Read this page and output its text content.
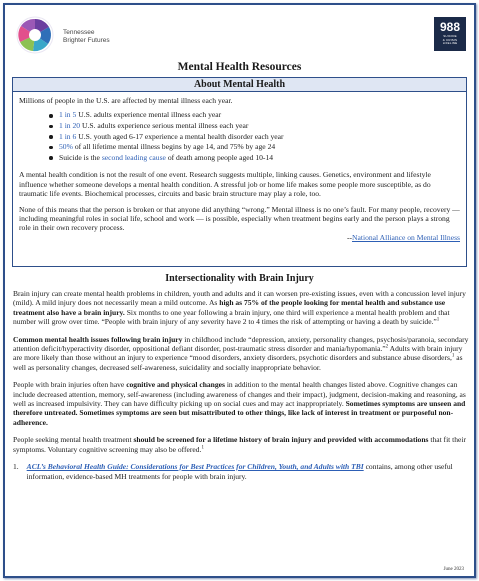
Tennessee
Brighter Futures
988
SUICIDE
& CRISIS
LIFELINE
Mental Health Resources
About Mental Health

Millions of people in the U.S. are affected by mental illness each year.

1 in 5 U.S. adults experience mental illness each year
1 in 20 U.S. adults experience serious mental illness each year
1 in 6 U.S. youth aged 6-17 experience a mental health disorder each year
50% of all lifetime mental illness begins by age 14, and 75% by age 24
Suicide is the second leading cause of death among people aged 10-14

A mental health condition is not the result of one event. Research suggests multiple, linking causes. Genetics, environment and lifestyle influence whether someone develops a mental health condition. A stressful job or home life makes some people more susceptible, as do traumatic life events. Biochemical processes, circuits and basic brain structure may play a role, too.

None of this means that the person is broken or that anyone did anything “wrong.” Mental illness is no one’s fault. For many people, recovery — including meaningful roles in social life, school and work — is possible, especially when treatment begins early and the person plays a strong role in their own recovery process.

--National Alliance on Mental Illness
Intersectionality with Brain Injury

Brain injury can create mental health problems in children, youth and adults and it can worsen pre-existing issues, even with a concussion level injury (mild). A mild injury does not necessarily mean a mild outcome. As high as 75% of the people looking for mental health and substance use treatment also have a brain injury. Six months to one year following a brain injury, one third will experience a mental health problem and that number will grow over time. “People with brain injury of any severity have 2 to 4 times the risk of attempting or having a death by suicide.”$^1$

Common mental health issues following brain injury in childhood include “depression, anxiety, personality changes, psychosis/paranoia, secondary attention deficit/hyperactivity disorder, oppositional defiant disorder, post-traumatic stress disorder and mania/hypomania.”$^2$ Adults with brain injury are more likely than those without an injury to experience “mood disorders, anxiety disorders, psychotic disorders and substance abuse disorders,$^1$ as well as personality changes, decreased self-awareness, suicidality and socially inappropriate behavior.

People with brain injuries often have cognitive and physical changes in addition to the mental health changes listed above. Cognitive changes can include decreased attention, memory, self-awareness (including awareness of changes and their impact), judgment, decision-making and reasoning, as well as increased impulsivity. They can have difficulty picking up on social cues and may act inappropriately. Sometimes symptoms are unseen and therefore untreated. Sometimes symptoms are seen but misattributed to other things, like lack of interest in treatment or purposeful non-adherence.

People seeking mental health treatment should be screened for a lifetime history of brain injury and provided with accommodations that fit their symptoms. Voluntary cognitive screening may also be offered.$^1$

1. ACL’s Behavioral Health Guide: Considerations for Best Practices for Children, Youth, and Adults with TBI contains, among other useful information, evidence-based MH treatments for people with brain injury.
June 2023
